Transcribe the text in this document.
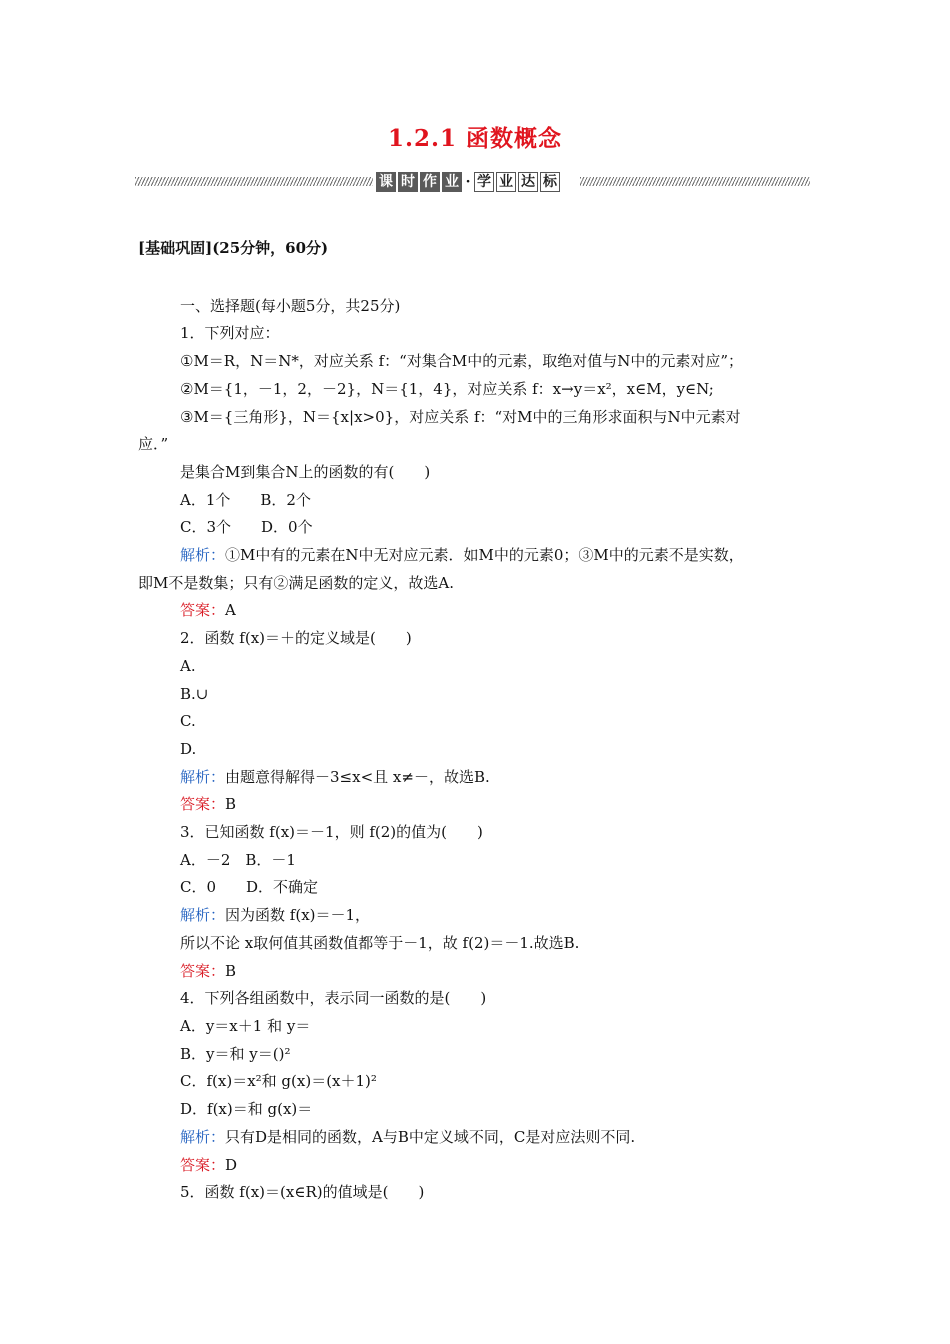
1.2.1 函数概念
课 时 作 业 · 学 业 达 标
[基础巩固](25分钟，60分)
一、选择题(每小题5分，共25分)
1．下列对应：
①M＝R，N＝N*，对应关系 f：“对集合M中的元素，取绝对值与N中的元素对应”；
②M＝{1，－1，2，－2}，N＝{1，4}，对应关系 f：x→y＝x²，x∈M，y∈N;
③M＝{三角形}，N＝{x|x>0}，对应关系 f：“对M中的三角形求面积与N中元素对
应．”
是集合M到集合N上的函数的有(　　)
A．1个　　B．2个
C．3个　　D．0个
解析：①M中有的元素在N中无对应元素．如M中的元素0；③M中的元素不是实数，
即M不是数集；只有②满足函数的定义，故选A.
答案：A
2．函数 f(x)＝＋的定义域是(　　)
A.
B.∪
C.
D.
解析：由题意得解得－3≤x<且 x≠－，故选B.
答案：B
3．已知函数 f(x)＝－1，则 f(2)的值为(　　)
A．－2　B．－1
C．0　　D．不确定
解析：因为函数 f(x)＝－1，
所以不论 x取何值其函数值都等于－1，故 f(2)＝－1.故选B.
答案：B
4．下列各组函数中，表示同一函数的是(　　)
A．y＝x＋1 和 y＝
B．y＝和 y＝()²
C．f(x)＝x²和 g(x)＝(x＋1)²
D．f(x)＝和 g(x)＝
解析：只有D是相同的函数，A与B中定义域不同，C是对应法则不同.
答案：D
5．函数 f(x)＝(x∈R)的值域是(　　)
